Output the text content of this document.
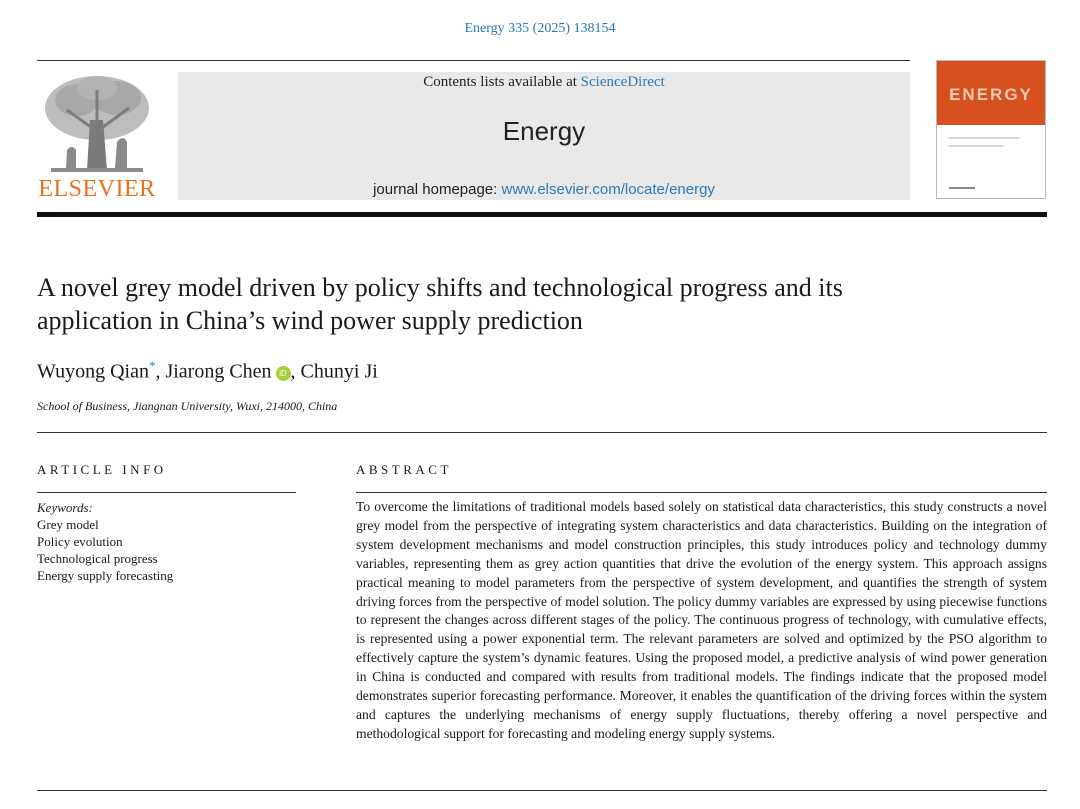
Energy 335 (2025) 138154
ELSEVIER
Contents lists available at ScienceDirect
Energy
journal homepage: www.elsevier.com/locate/energy
ENERGY
A novel grey model driven by policy shifts and technological progress and its application in China’s wind power supply prediction
Wuyong Qian*, Jiarong Chen iD , Chunyi Ji
School of Business, Jiangnan University, Wuxi, 214000, China
ARTICLE INFO	ABSTRACT
Keywords:
Grey model
Policy evolution
Technological progress
Energy supply forecasting

To overcome the limitations of traditional models based solely on statistical data characteristics, this study constructs a novel grey model from the perspective of integrating system characteristics and data characteristics. Building on the integration of system development mechanisms and model construction principles, this study introduces policy and technology dummy variables, representing them as grey action quantities that drive the evolution of the energy system. This approach assigns practical meaning to model parameters from the perspective of system development, and quantifies the strength of system driving forces from the perspective of model solution. The policy dummy variables are expressed by using piecewise functions to represent the changes across different stages of the policy. The continuous progress of technology, with cumulative effects, is represented using a power exponential term. The relevant parameters are solved and optimized by the PSO algorithm to effectively capture the system’s dynamic features. Using the proposed model, a predictive analysis of wind power generation in China is conducted and compared with results from traditional models. The findings indicate that the proposed model demonstrates superior forecasting performance. Moreover, it enables the quantification of the driving forces within the system and captures the underlying mechanisms of energy supply fluctuations, thereby offering a novel perspective and methodological support for forecasting and modeling energy supply systems.
